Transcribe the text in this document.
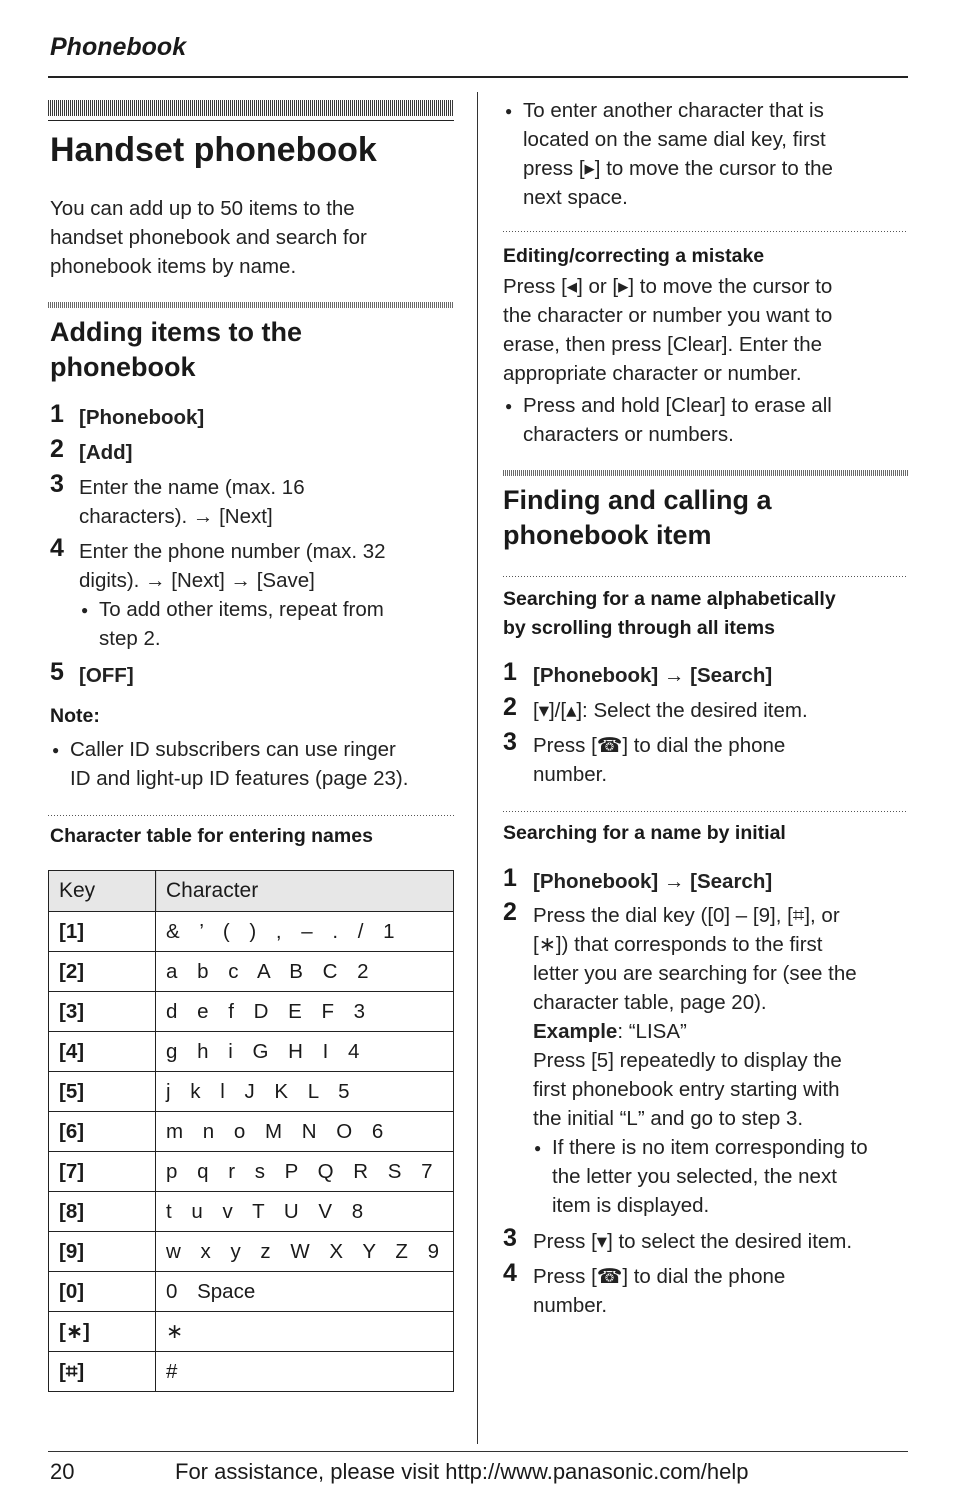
Phonebook
Handset phonebook
You can add up to 50 items to the
handset phonebook and search for
phonebook items by name.
Adding items to the
phonebook
1 [Phonebook]
2 [Add]
3 Enter the name (max. 16
characters). → [Next]
4 Enter the phone number (max. 32
digits). → [Next] → [Save]
● To add other items, repeat from
step 2.
5 [OFF]
Note:
● Caller ID subscribers can use ringer
ID and light-up ID features (page 23).
Character table for entering names
Key	Character
[1]	& ’ ( ) , – . / 1
[2]	a b c A B C 2
[3]	d e f D E F 3
[4]	g h i G H I 4
[5]	j k l J K L 5
[6]	m n o M N O 6
[7]	p q r s P Q R S 7
[8]	t u v T U V 8
[9]	w x y z W X Y Z 9
[0]	0 Space
[∗]	∗
[⌗]	#
● To enter another character that is
located on the same dial key, first
press [▸] to move the cursor to the
next space.
Editing/correcting a mistake
Press [◂] or [▸] to move the cursor to
the character or number you want to
erase, then press [Clear]. Enter the
appropriate character or number.
● Press and hold [Clear] to erase all
characters or numbers.
Finding and calling a
phonebook item
Searching for a name alphabetically
by scrolling through all items
1 [Phonebook] → [Search]
2 [▾]/[▴]: Select the desired item.
3 Press [☎] to dial the phone
number.
Searching for a name by initial
1 [Phonebook] → [Search]
2 Press the dial key ([0] – [9], [⌗], or
[∗]) that corresponds to the first
letter you are searching for (see the
character table, page 20).
Example: “LISA”
Press [5] repeatedly to display the
first phonebook entry starting with
the initial “L” and go to step 3.
● If there is no item corresponding to
the letter you selected, the next
item is displayed.
3 Press [▾] to select the desired item.
4 Press [☎] to dial the phone
number.
20	For assistance, please visit http://www.panasonic.com/help
